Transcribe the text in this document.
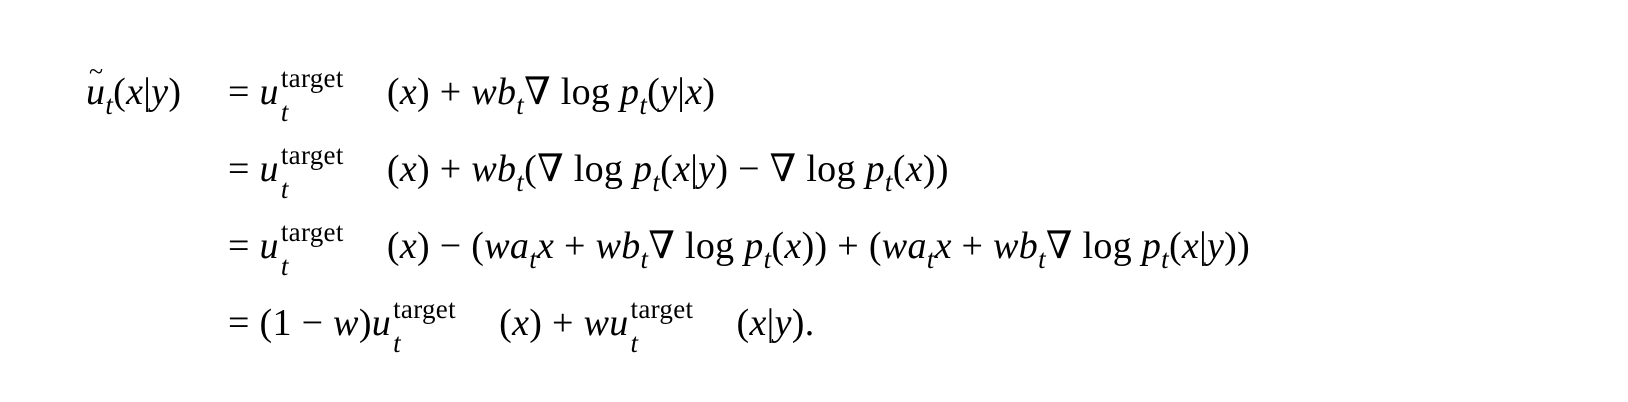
~ $u_t(x|y) = u$ target
t	$(x) + wb_t\nabla$ $\log p_t(y|x)$
= u target
t	$(x) + wb_t(\nabla$ $\log p_t(x|y)$ − ∇ $\log p_t(x)$)
= u target
t	$(x) - (wa_tx + wb_t\nabla$ $\log p_t(x)) + (wa_tx + wb_t\nabla$ $\log p_t(x|y)$)
= (1 − w)u target
t	(x) + wu target
t	(x|y).
